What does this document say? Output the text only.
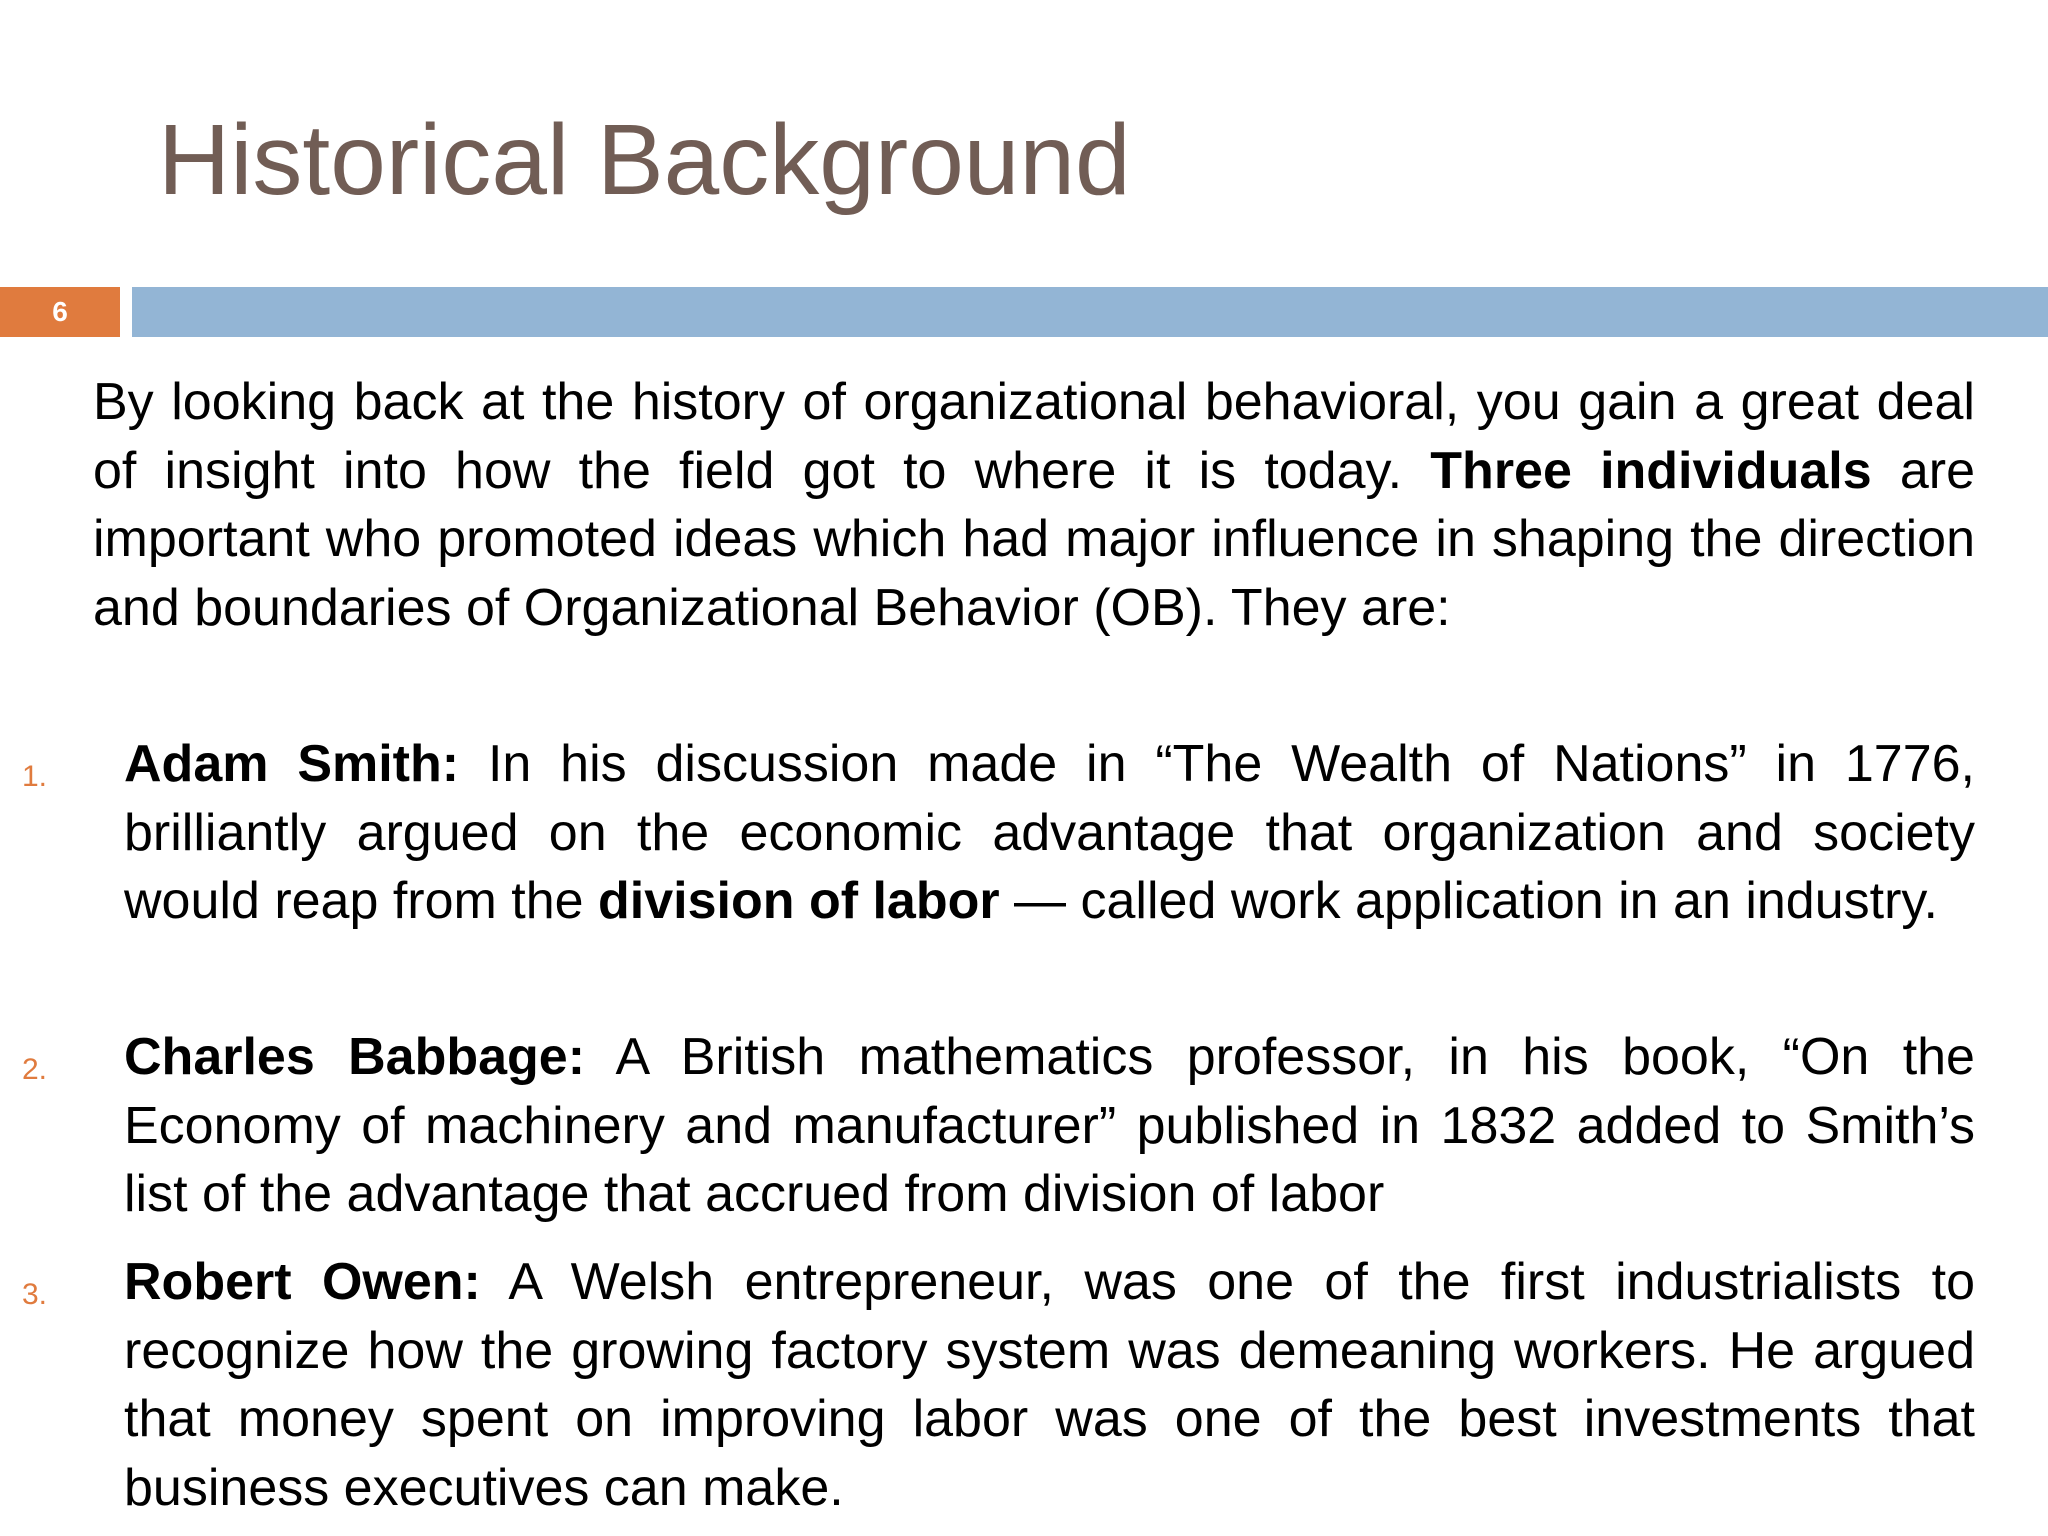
Historical Background
6

By looking back at the history of organizational behavioral, you gain a great deal of insight into how the field got to where it is today. Three individuals are important who promoted ideas which had major influence in shaping the direction and boundaries of Organizational Behavior (OB). They are:

1.	Adam Smith: In his discussion made in “The Wealth of Nations” in 1776, brilliantly argued on the economic advantage that organization and society would reap from the division of labor — called work application in an industry.

2.	Charles Babbage: A British mathematics professor, in his book, “On the Economy of machinery and manufacturer” published in 1832 added to Smith’s list of the advantage that accrued from division of labor

3.	Robert Owen: A Welsh entrepreneur, was one of the first industrialists to recognize how the growing factory system was demeaning workers. He argued that money spent on improving labor was one of the best investments that business executives can make.
